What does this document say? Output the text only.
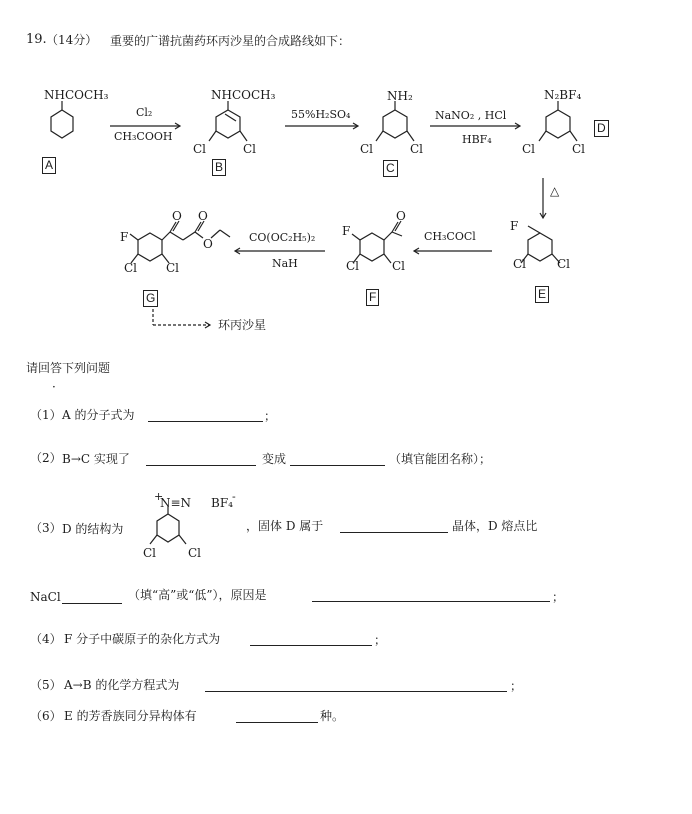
19. （14分） 重要的广谱抗菌药环丙沙星的合成路线如下：
NHCOCH₃
A
Cl₂
CH₃COOH
NHCOCH₃
Cl	Cl
B
55%H₂SO₄
NH₂
Cl	Cl
C
NaNO₂ , HCl
HBF₄
N₂BF₄
Cl	Cl
D
△
F
Cl	Cl
E
CH₃COCl
F
O
Cl	Cl
F
CO(OC₂H₅)₂
NaH
F
O O
O
Cl Cl
G
环丙沙星
请回答下列问题
·
（1） A 的分子式为	；
（2） B→C 实现了	变成	（填官能团名称）；
（3） D 的结构为
+
N≡N BF₄ -
Cl	Cl
，固体 D 属于	晶体，D 熔点比
NaCl	（填“高”或“低”），原因是	；
（4） F 分子中碳原子的杂化方式为	；
（5） A→B 的化学方程式为	；
（6） E 的芳香族同分异构体有	种。
